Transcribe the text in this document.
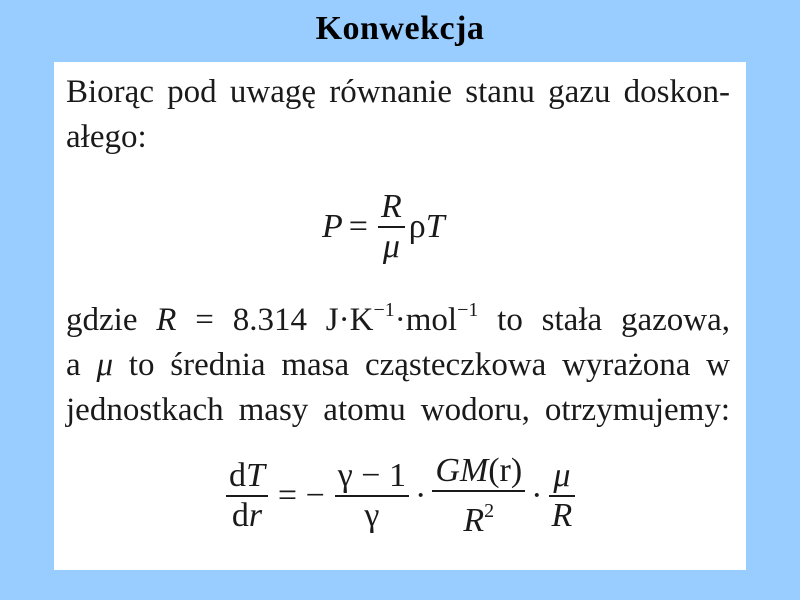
Konwekcja
Biorąc pod uwagę równanie stanu gazu doskon-
ałego:
$P = \frac{R}{\mu}$ ρ T
gdzie R = 8.314 $J\cdot K^{-1}\cdot mol^{-1}$ to stała gazowa,
a μ to średnia masa cząsteczkowa wyrażona w
jednostkach masy atomu wodoru, otrzymujemy:
$\frac{dT}{dr}$ = − $\frac{\gamma - 1}{\gamma} \cdot \frac{GM(r)}{R^2} \cdot \frac{\mu}{R}$
